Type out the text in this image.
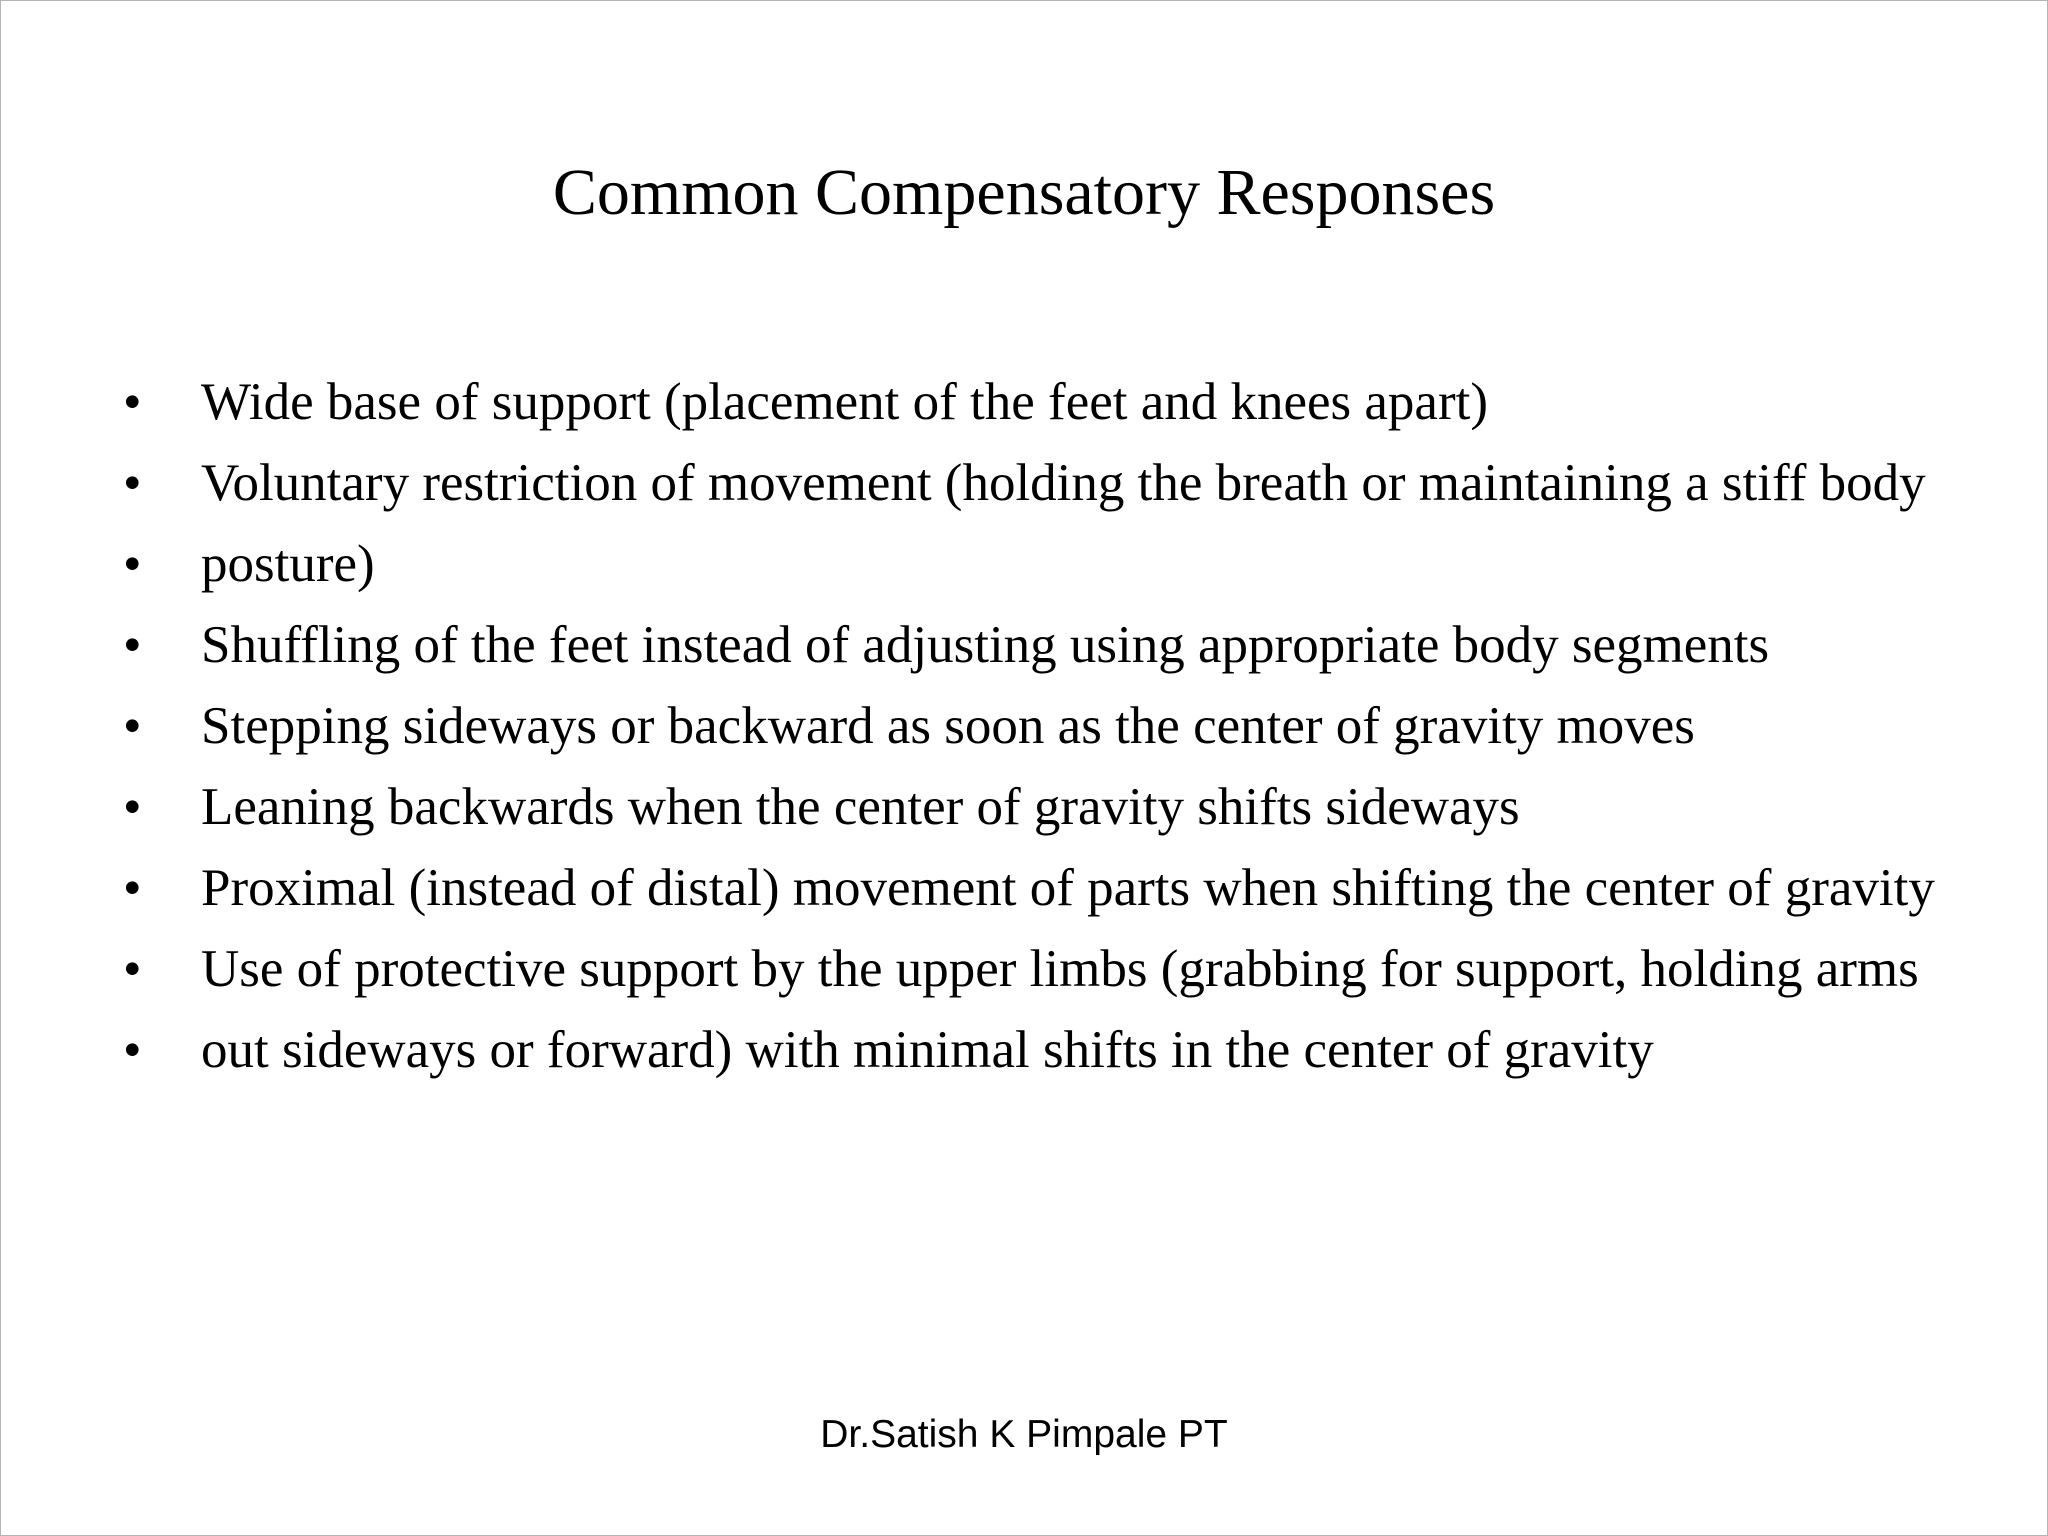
Common Compensatory Responses
• Wide base of support (placement of the feet and knees apart)
• Voluntary restriction of movement (holding the breath or maintaining a stiff body
• posture)
• Shuffling of the feet instead of adjusting using appropriate body segments
• Stepping sideways or backward as soon as the center of gravity moves
• Leaning backwards when the center of gravity shifts sideways
• Proximal (instead of distal) movement of parts when shifting the center of gravity
• Use of protective support by the upper limbs (grabbing for support, holding arms
• out sideways or forward) with minimal shifts in the center of gravity
Dr.Satish K Pimpale PT
